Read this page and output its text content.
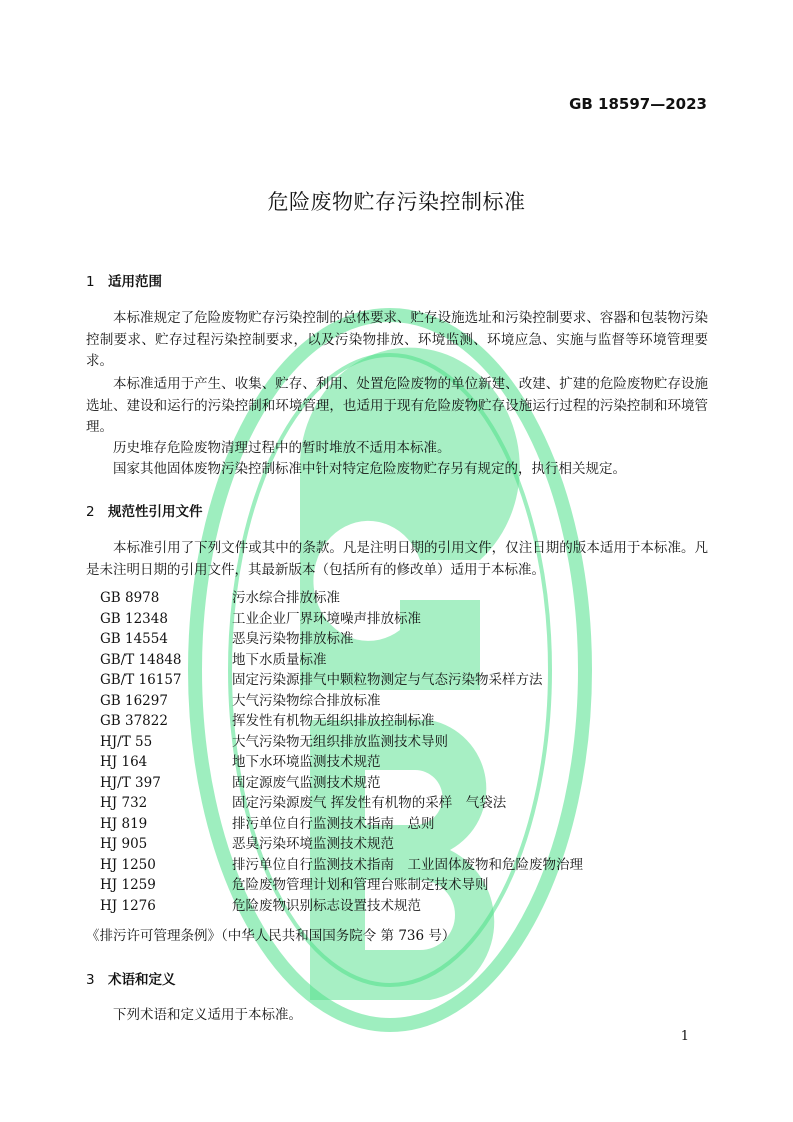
GB 18597—2023
危险废物贮存污染控制标准
1 适用范围
本标准规定了危险废物贮存污染控制的总体要求、贮存设施选址和污染控制要求、容器和包装物污染控制要求、贮存过程污染控制要求，以及污染物排放、环境监测、环境应急、实施与监督等环境管理要求。
本标准适用于产生、收集、贮存、利用、处置危险废物的单位新建、改建、扩建的危险废物贮存设施选址、建设和运行的污染控制和环境管理，也适用于现有危险废物贮存设施运行过程的污染控制和环境管理。
历史堆存危险废物清理过程中的暂时堆放不适用本标准。
国家其他固体废物污染控制标准中针对特定危险废物贮存另有规定的，执行相关规定。
2 规范性引用文件
本标准引用了下列文件或其中的条款。凡是注明日期的引用文件，仅注日期的版本适用于本标准。凡是未注明日期的引用文件，其最新版本（包括所有的修改单）适用于本标准。
GB 8978	污水综合排放标准
GB 12348	工业企业厂界环境噪声排放标准
GB 14554	恶臭污染物排放标准
GB/T 14848	地下水质量标准
GB/T 16157	固定污染源排气中颗粒物测定与气态污染物采样方法
GB 16297	大气污染物综合排放标准
GB 37822	挥发性有机物无组织排放控制标准
HJ/T 55	大气污染物无组织排放监测技术导则
HJ 164	地下水环境监测技术规范
HJ/T 397	固定源废气监测技术规范
HJ 732	固定污染源废气 挥发性有机物的采样　气袋法
HJ 819	排污单位自行监测技术指南　总则
HJ 905	恶臭污染环境监测技术规范
HJ 1250	排污单位自行监测技术指南　工业固体废物和危险废物治理
HJ 1259	危险废物管理计划和管理台账制定技术导则
HJ 1276	危险废物识别标志设置技术规范
《排污许可管理条例》（中华人民共和国国务院令 第 736 号）
3 术语和定义
下列术语和定义适用于本标准。
1
